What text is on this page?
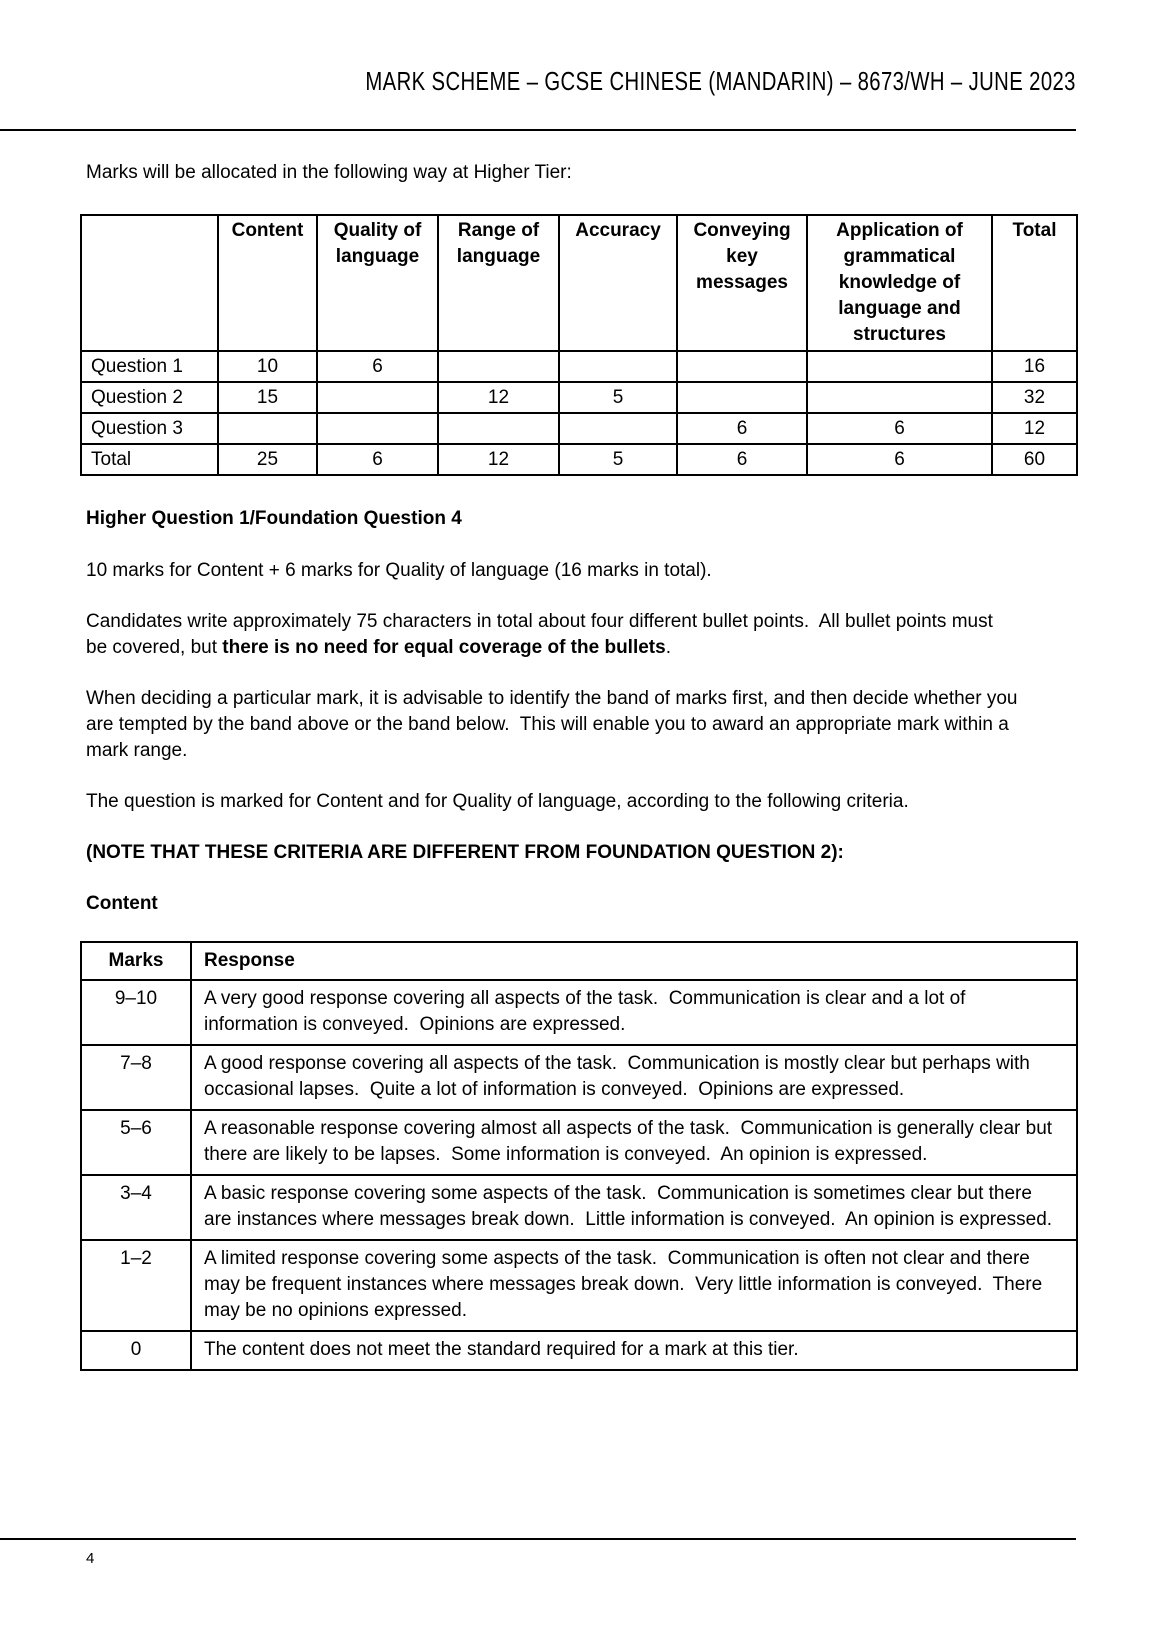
MARK SCHEME – GCSE CHINESE (MANDARIN) – 8673/WH – JUNE 2023

Marks will be allocated in the following way at Higher Tier:

	Content	Quality of language	Range of language	Accuracy	Conveying key messages	Application of grammatical knowledge of language and structures	Total
Question 1	10	6					16
Question 2	15		12	5			32
Question 3					6	6	12
Total	25	6	12	5	6	6	60
Higher Question 1/Foundation Question 4

10 marks for Content + 6 marks for Quality of language (16 marks in total).

Candidates write approximately 75 characters in total about four different bullet points.  All bullet points must be covered, but there is no need for equal coverage of the bullets.

When deciding a particular mark, it is advisable to identify the band of marks first, and then decide whether you are tempted by the band above or the band below.  This will enable you to award an appropriate mark within a mark range.

The question is marked for Content and for Quality of language, according to the following criteria.

(NOTE THAT THESE CRITERIA ARE DIFFERENT FROM FOUNDATION QUESTION 2):

Content

Marks	Response
9–10	A very good response covering all aspects of the task.  Communication is clear and a lot of information is conveyed.  Opinions are expressed.
7–8	A good response covering all aspects of the task.  Communication is mostly clear but perhaps with occasional lapses.  Quite a lot of information is conveyed.  Opinions are expressed.
5–6	A reasonable response covering almost all aspects of the task.  Communication is generally clear but there are likely to be lapses.  Some information is conveyed.  An opinion is expressed.
3–4	A basic response covering some aspects of the task.  Communication is sometimes clear but there are instances where messages break down.  Little information is conveyed.  An opinion is expressed.
1–2	A limited response covering some aspects of the task.  Communication is often not clear and there may be frequent instances where messages break down.  Very little information is conveyed.  There may be no opinions expressed.
0	The content does not meet the standard required for a mark at this tier.
4
